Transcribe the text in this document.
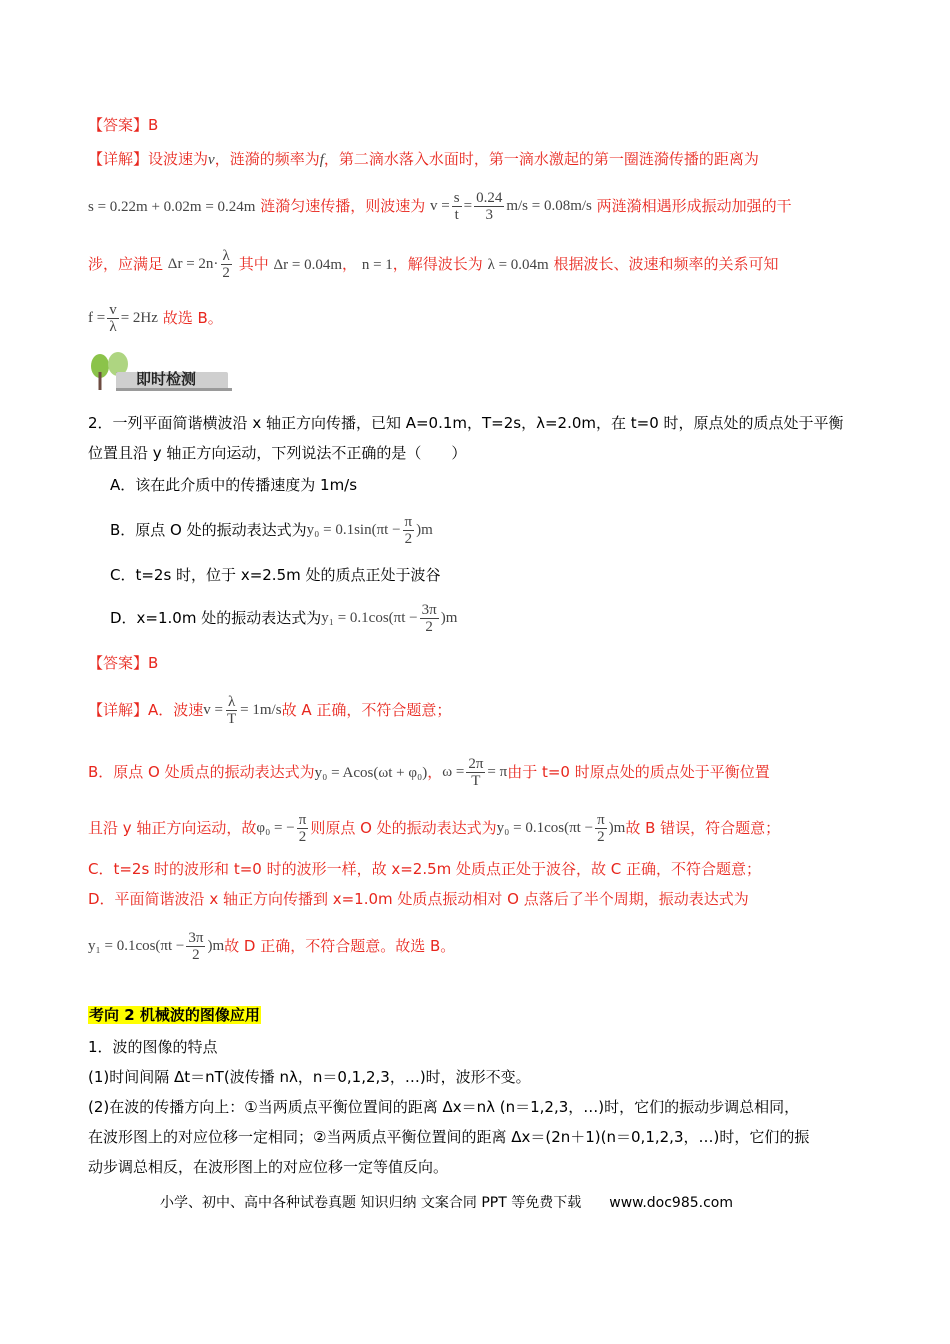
【答案】B
【详解】设波速为v，涟漪的频率为f，第二滴水落入水面时，第一滴水激起的第一圈涟漪传播的距离为
s = 0.22m + 0.02m = 0.24m 涟漪匀速传播，则波速为 $v = \frac{s}{t} = \frac{0.24}{3} m/s = 0.08m/s$ 两涟漪相遇形成振动加强的干
涉，应满足 $\Delta r = 2n\cdot \frac{\lambda}{2}$ 其中 Δr = 0.04m， n = 1，解得波长为 λ = 0.04m 根据波长、波速和频率的关系可知
$f = \frac{v}{\lambda} = 2Hz$ 故选 B。
即时检测
2．一列平面简谐横波沿 x 轴正方向传播，已知 A=0.1m，T=2s，λ=2.0m，在 t=0 时，原点处的质点处于平衡
位置且沿 y 轴正方向运动，下列说法不正确的是（　　）
A．该在此介质中的传播速度为 1m/s
B．原点 O 处的振动表达式为$y_0 = 0.1\sin(\pi t - \frac{\pi}{2} )m$
C．t=2s 时，位于 x=2.5m 处的质点正处于波谷
D．x=1.0m 处的振动表达式为$y_1 = 0.1\cos(\pi t - \frac{3\pi}{2} )m$
【答案】B
【详解】A．波速$v = \frac{\lambda}{T} = 1m/s$故 A 正确，不符合题意；
B．原点 O 处质点的振动表达式为y₀ = Acos(ωt + φ₀)，$\omega = \frac{2\pi}{T} = \pi$由于 t=0 时原点处的质点处于平衡位置
且沿 y 轴正方向运动，故φ₀ = − $\frac{\pi}{2}$ 则原点 O 处的振动表达式为$y_0 = 0.1\cos(\pi t - \frac{\pi}{2} )m$故 B 错误，符合题意；
C．t=2s 时的波形和 t=0 时的波形一样，故 x=2.5m 处质点正处于波谷，故 C 正确，不符合题意；
D．平面简谐波沿 x 轴正方向传播到 x=1.0m 处质点振动相对 O 点落后了半个周期，振动表达式为
$y_1 = 0.1\cos(\pi t - \frac{3\pi}{2} )m$故 D 正确，不符合题意。故选 B。
考向 2 机械波的图像应用
1．波的图像的特点
(1)时间间隔 Δt＝nT(波传播 nλ，n＝0,1,2,3，…)时，波形不变。
(2)在波的传播方向上：①当两质点平衡位置间的距离 Δx＝nλ (n＝1,2,3，…)时，它们的振动步调总相同，
在波形图上的对应位移一定相同；②当两质点平衡位置间的距离 Δx＝(2n＋1)(n＝0,1,2,3，…)时，它们的振
动步调总相反，在波形图上的对应位移一定等值反向。
小学、初中、高中各种试卷真题 知识归纳 文案合同 PPT 等免费下载 www.doc985.com
